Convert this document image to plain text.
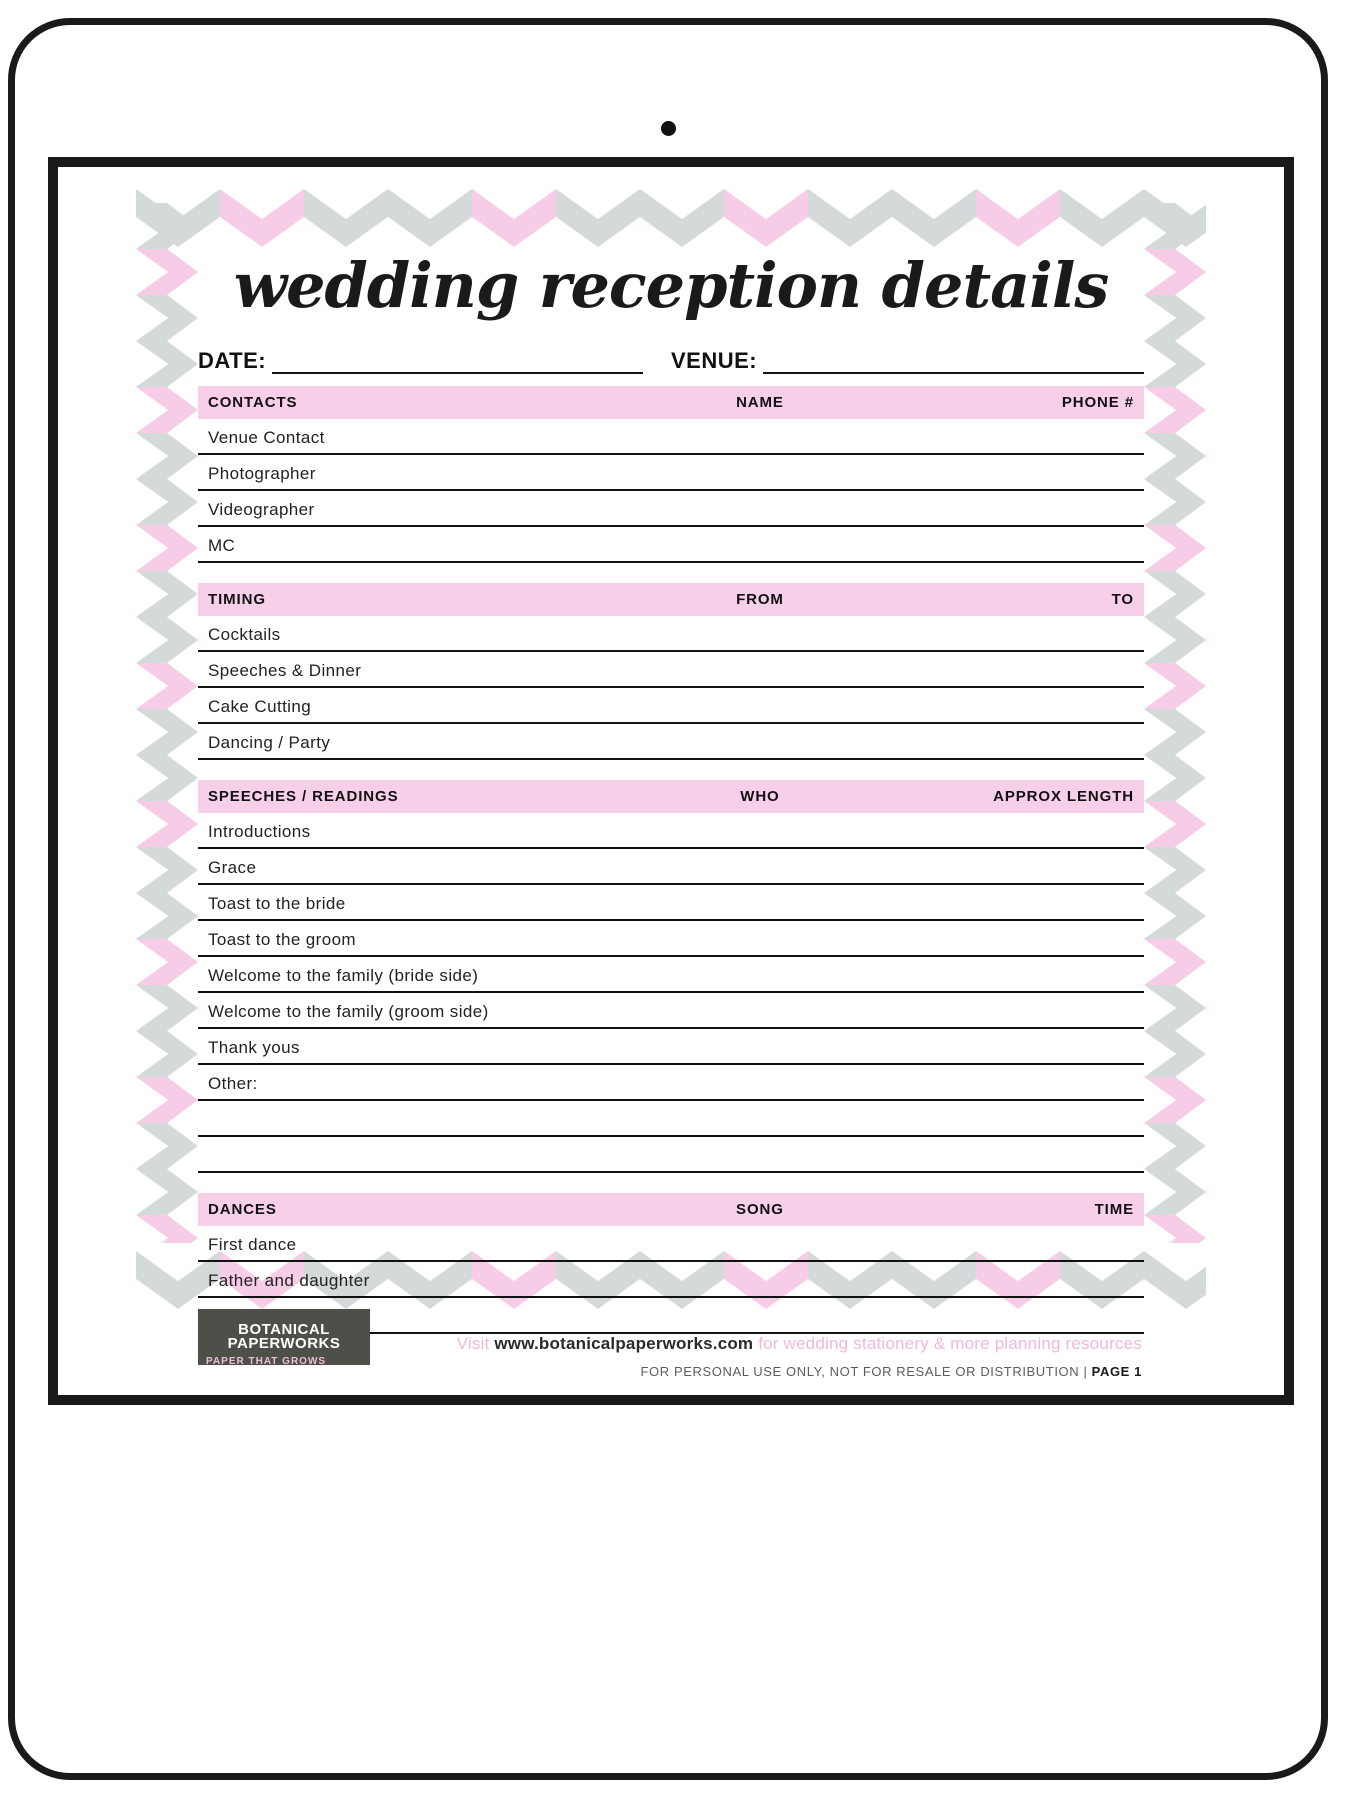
wedding reception details
DATE:	VENUE:
CONTACTS	NAME	PHONE #
Venue Contact		
Photographer		
Videographer		
MC		
TIMING	FROM	TO
Cocktails		
Speeches & Dinner		
Cake Cutting		
Dancing / Party		
SPEECHES / READINGS	WHO	APPROX LENGTH
Introductions		
Grace		
Toast to the bride		
Toast to the groom		
Welcome to the family (bride side)		
Welcome to the family (groom side)		
Thank yous		
Other:		

DANCES	SONG	TIME
First dance		
Father and daughter		

BOTANICAL
PAPERWORKS
PAPER THAT GROWS
Visit www.botanicalpaperworks.com for wedding stationery & more planning resources
FOR PERSONAL USE ONLY, NOT FOR RESALE OR DISTRIBUTION | PAGE 1
